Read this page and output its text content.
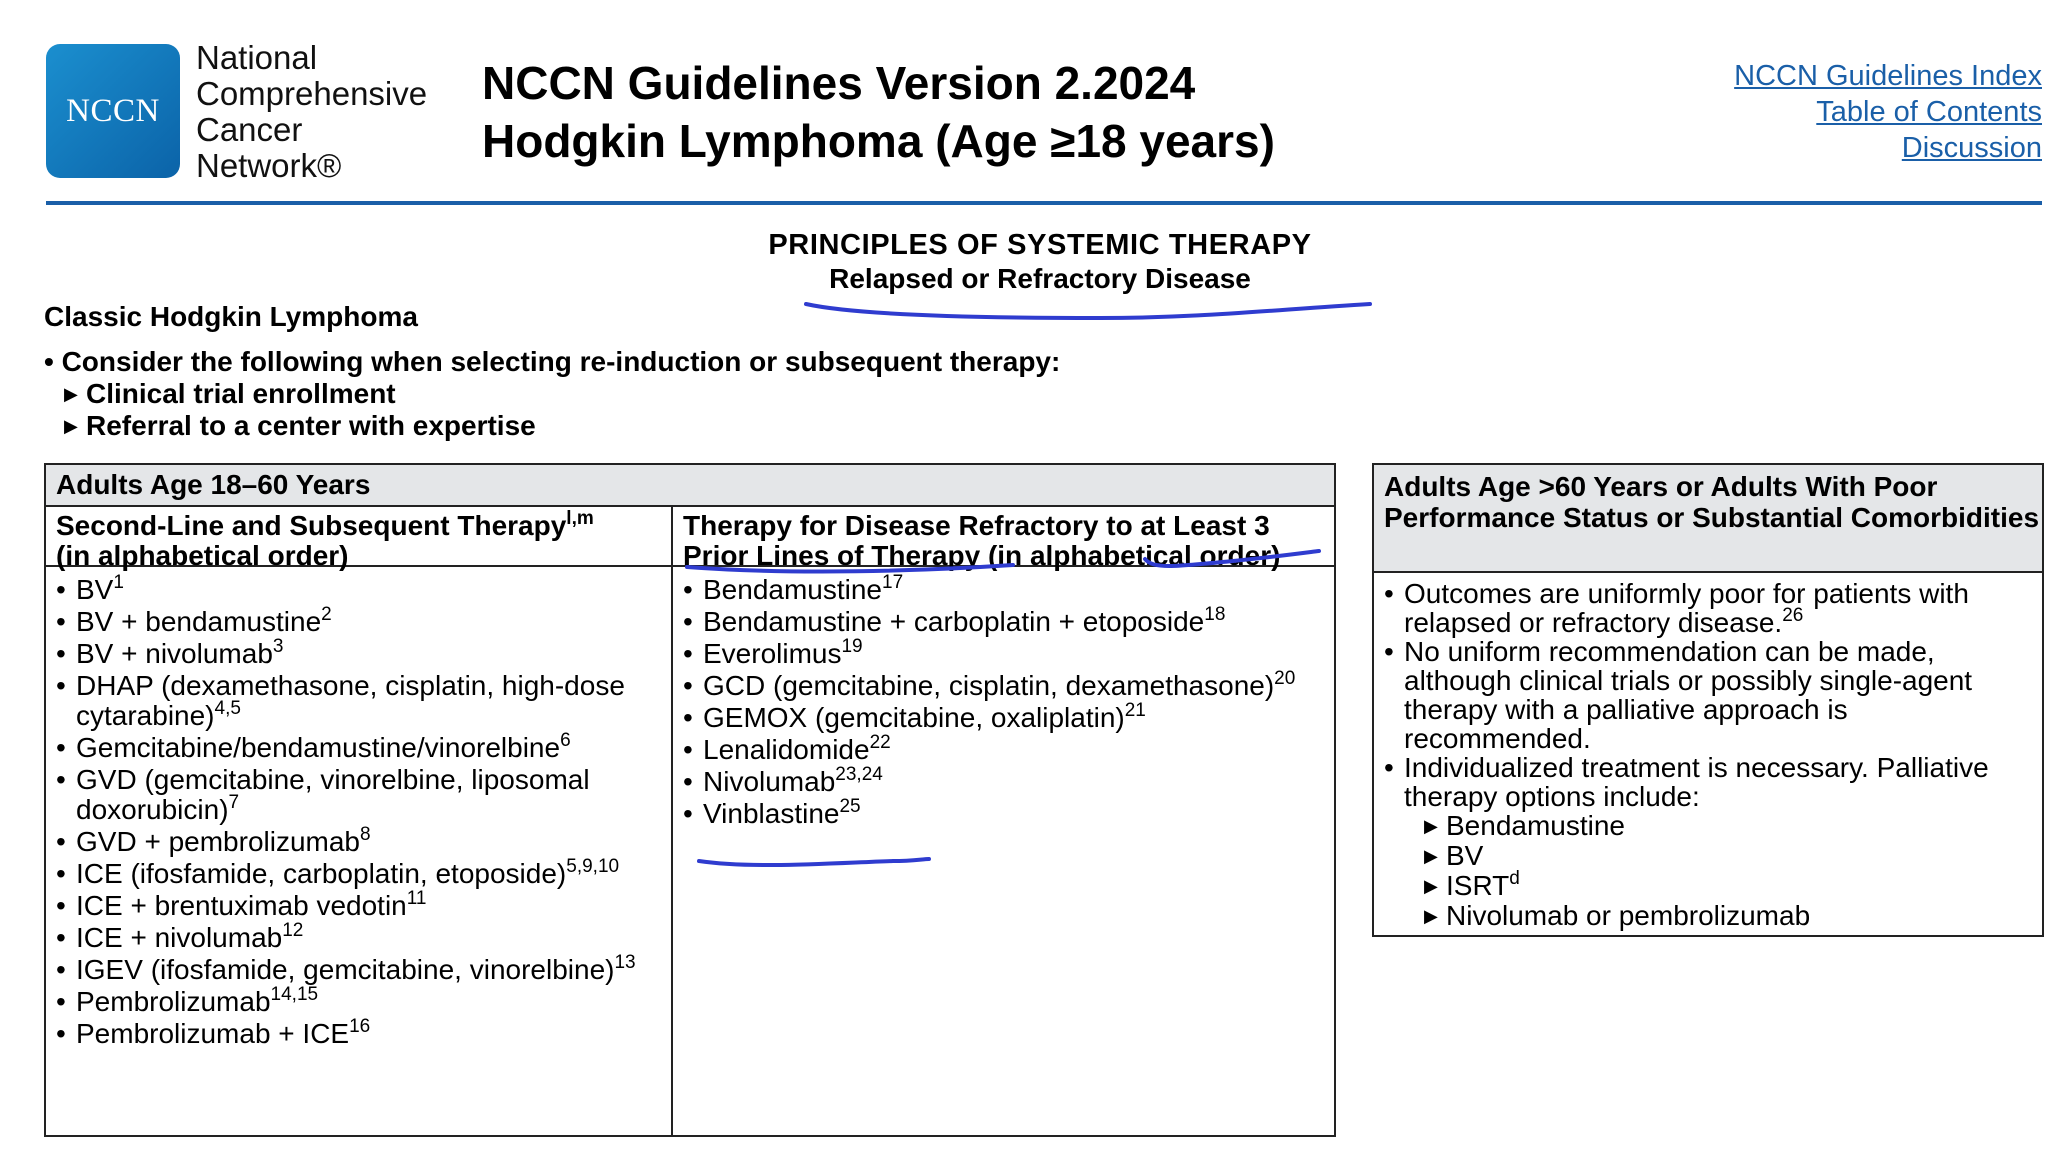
NCCN
National
Comprehensive
Cancer
Network®
NCCN Guidelines Version 2.2024
Hodgkin Lymphoma (Age ≥18 years)
NCCN Guidelines Index
Table of Contents
Discussion
PRINCIPLES OF SYSTEMIC THERAPY
Relapsed or Refractory Disease
Classic Hodgkin Lymphoma
• Consider the following when selecting re-induction or subsequent therapy:
▶ Clinical trial enrollment
▶ Referral to a center with expertise
Adults Age 18–60 Years
Second-Line and Subsequent Therapy$^{l,m}$
(in alphabetical order)
Therapy for Disease Refractory to at Least 3
Prior Lines of Therapy (in alphabetical order)
• $BV^1$
• BV + bendamustine$^2$
• BV + nivolumab$^3$
• DHAP (dexamethasone, cisplatin, high-dose cytarabine)$^{4,5}$
• Gemcitabine/bendamustine/vinorelbine$^6$
• GVD (gemcitabine, vinorelbine, liposomal doxorubicin)$^7$
• GVD + pembrolizumab$^8$
• ICE (ifosfamide, carboplatin, etoposide)$^{5,9,10}$
• ICE + brentuximab vedotin$^{11}$
• ICE + nivolumab$^{12}$
• IGEV (ifosfamide, gemcitabine, vinorelbine)$^{13}$
• Pembrolizumab$^{14,15}$
• Pembrolizumab + $ICE^{16}$
• Bendamustine$^{17}$
• Bendamustine + carboplatin + etoposide$^{18}$
• Everolimus$^{19}$
• GCD (gemcitabine, cisplatin, dexamethasone)$^{20}$
• GEMOX (gemcitabine, oxaliplatin)$^{21}$
• Lenalidomide$^{22}$
• Nivolumab$^{23,24}$
• Vinblastine$^{25}$
Adults Age >60 Years or Adults With Poor Performance Status or Substantial Comorbidities
• Outcomes are uniformly poor for patients with relapsed or refractory disease.$^{26}$
• No uniform recommendation can be made, although clinical trials or possibly single-agent therapy with a palliative approach is recommended.
• Individualized treatment is necessary. Palliative therapy options include:
▶ Bendamustine
▶ BV
▶ ISRT$^d$
▶ Nivolumab or pembrolizumab
